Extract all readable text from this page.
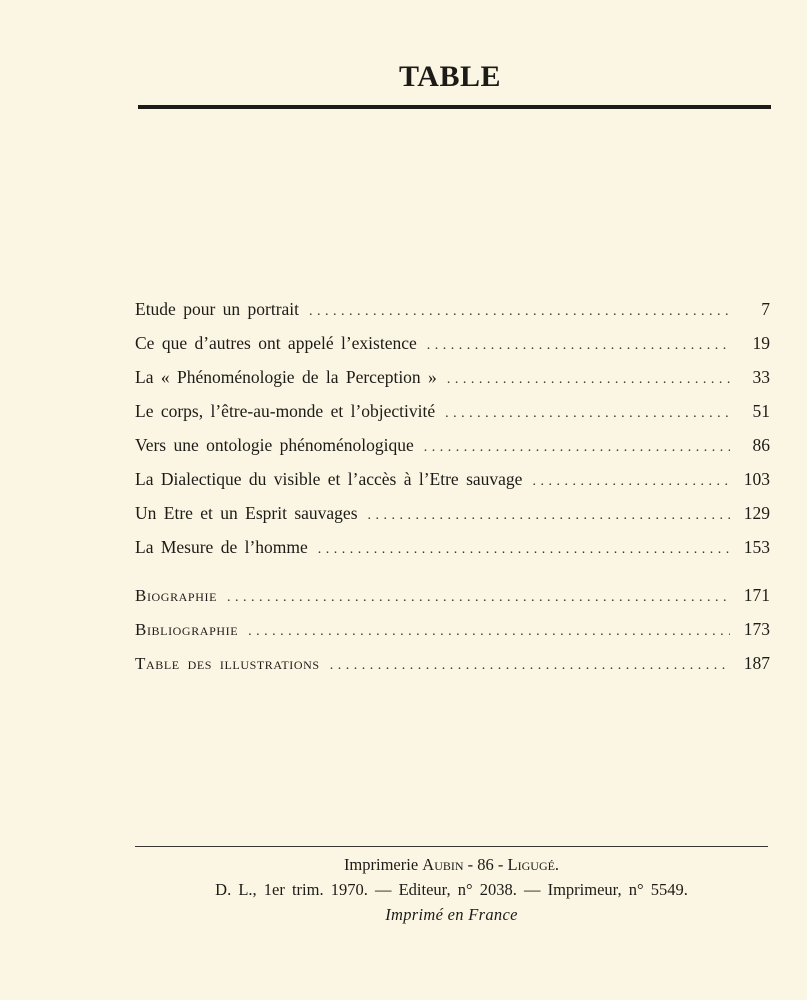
TABLE
Etude pour un portrait .....	7
Ce que d’autres ont appelé l’existence .....	19
La « Phénoménologie de la Perception » .....	33
Le corps, l’être-au-monde et l’objectivité .....	51
Vers une ontologie phénoménologique .....	86
La Dialectique du visible et l’accès à l’Etre sauvage .....	103
Un Etre et un Esprit sauvages .....	129
La Mesure de l’homme .....	153
Biographie .....	171
Bibliographie .....	173
Table des illustrations .....	187
Imprimerie Aubin - 86 - Ligugé.
D. L., 1er trim. 1970. — Editeur, n° 2038. — Imprimeur, n° 5549.
Imprimé en France
